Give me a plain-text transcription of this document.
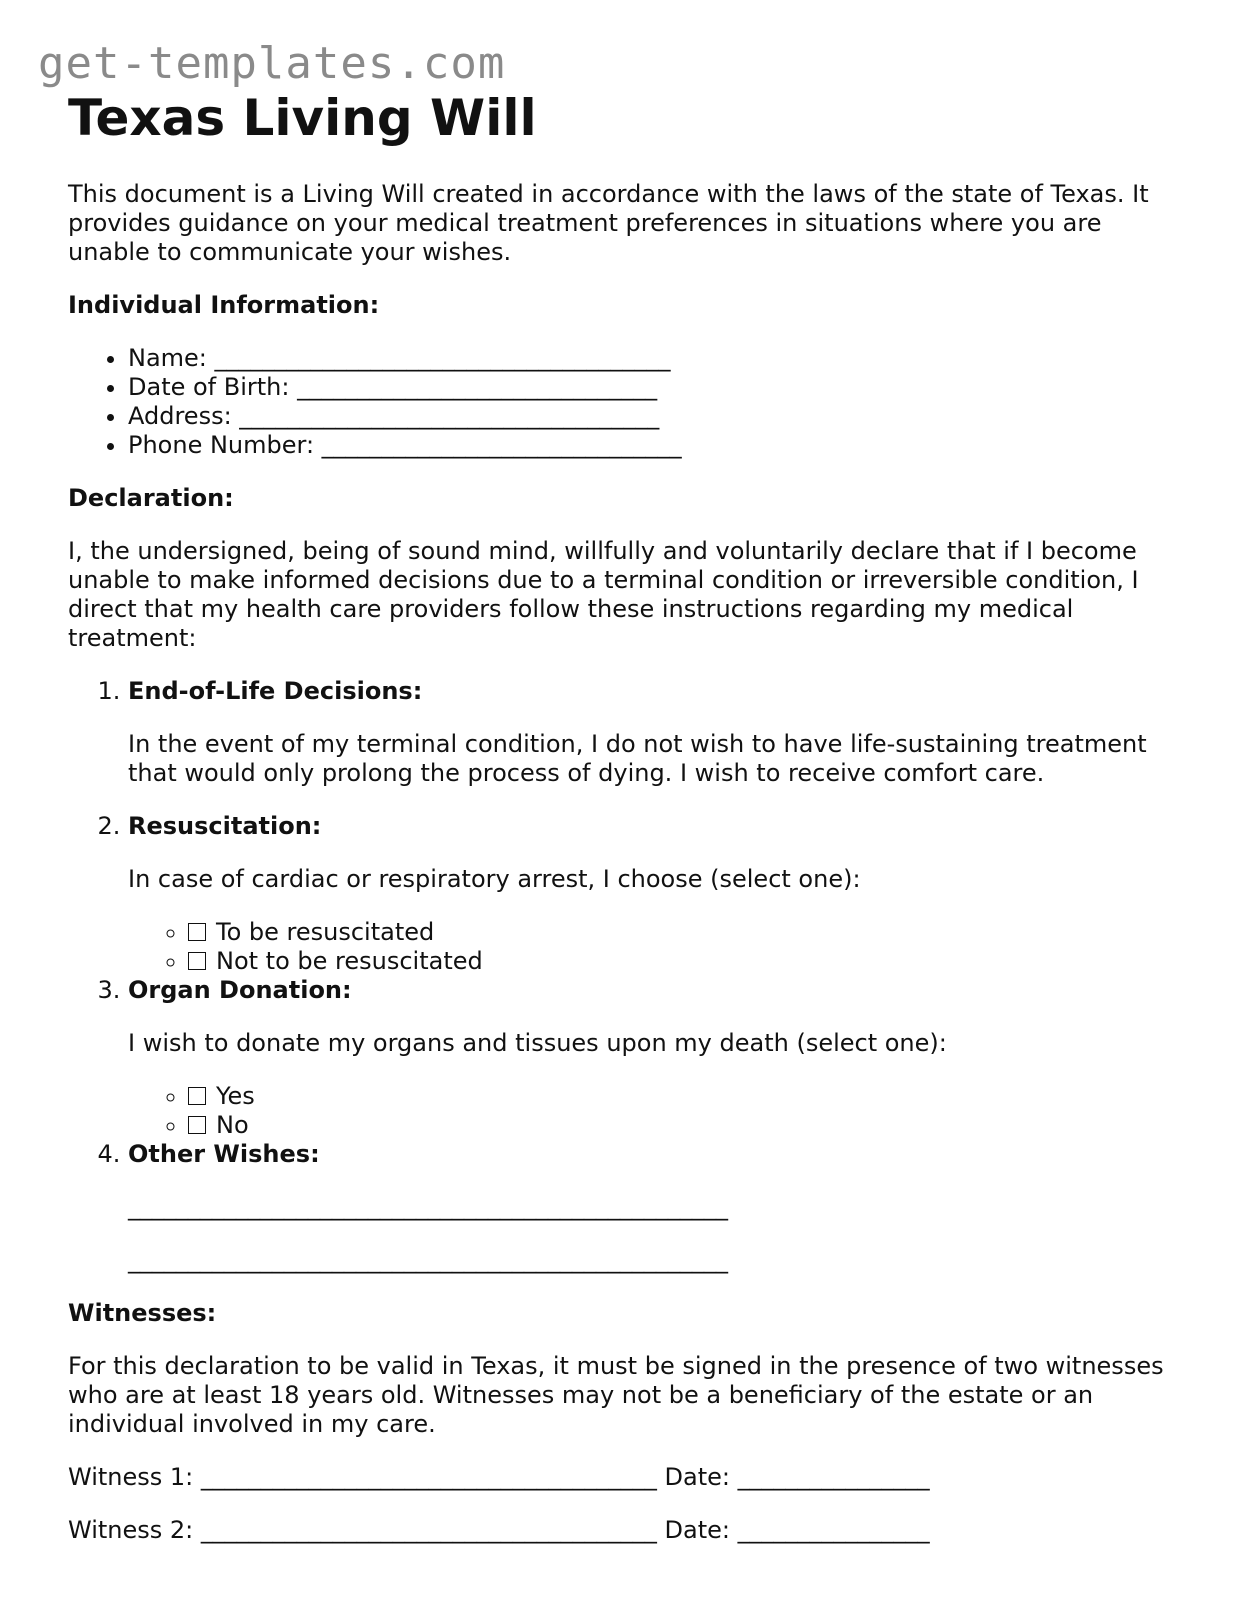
get-templates.com
Texas Living Will

This document is a Living Will created in accordance with the laws of the state of Texas. It provides guidance on your medical treatment preferences in situations where you are unable to communicate your wishes.

Individual Information:
• Name: ______________________________________
• Date of Birth: ______________________________
• Address: ___________________________________
• Phone Number: ______________________________
Declaration:

I, the undersigned, being of sound mind, willfully and voluntarily declare that if I become unable to make informed decisions due to a terminal condition or irreversible condition, I direct that my health care providers follow these instructions regarding my medical treatment:

1. End-of-Life Decisions:

In the event of my terminal condition, I do not wish to have life-sustaining treatment that would only prolong the process of dying. I wish to receive comfort care.

2. Resuscitation:

In case of cardiac or respiratory arrest, I choose (select one):

◦ To be resuscitated
◦ Not to be resuscitated
3. Organ Donation:

I wish to donate my organs and tissues upon my death (select one):

◦ Yes
◦ No
4. Other Wishes:
__________________________________________________
__________________________________________________
Witnesses:

For this declaration to be valid in Texas, it must be signed in the presence of two witnesses who are at least 18 years old. Witnesses may not be a beneficiary of the estate or an individual involved in my care.

Witness 1: ______________________________________ Date: ________________
Witness 2: ______________________________________ Date: ________________
